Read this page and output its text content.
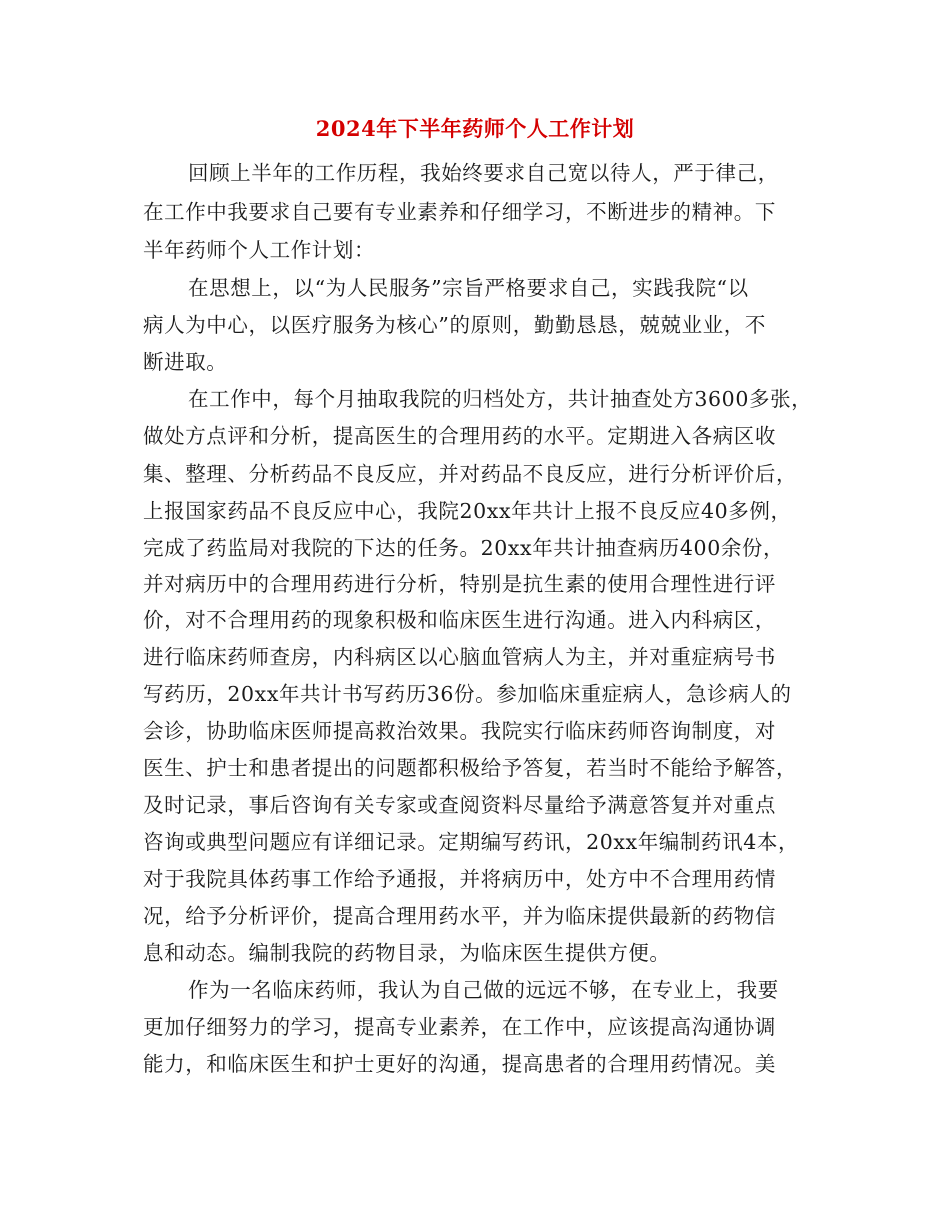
2024年下半年药师个人工作计划
回顾上半年的工作历程，我始终要求自己宽以待人，严于律己，
在工作中我要求自己要有专业素养和仔细学习，不断进步的精神。下
半年药师个人工作计划：
在思想上，以“为人民服务”宗旨严格要求自己，实践我院“以
病人为中心，以医疗服务为核心”的原则，勤勤恳恳，兢兢业业，不
断进取。
在工作中，每个月抽取我院的归档处方，共计抽查处方3600多张，
做处方点评和分析，提高医生的合理用药的水平。定期进入各病区收
集、整理、分析药品不良反应，并对药品不良反应，进行分析评价后，
上报国家药品不良反应中心，我院20xx年共计上报不良反应40多例，
完成了药监局对我院的下达的任务。20xx年共计抽查病历400余份，
并对病历中的合理用药进行分析，特别是抗生素的使用合理性进行评
价，对不合理用药的现象积极和临床医生进行沟通。进入内科病区，
进行临床药师查房，内科病区以心脑血管病人为主，并对重症病号书
写药历，20xx年共计书写药历36份。参加临床重症病人，急诊病人的
会诊，协助临床医师提高救治效果。我院实行临床药师咨询制度，对
医生、护士和患者提出的问题都积极给予答复，若当时不能给予解答，
及时记录，事后咨询有关专家或查阅资料尽量给予满意答复并对重点
咨询或典型问题应有详细记录。定期编写药讯，20xx年编制药讯4本，
对于我院具体药事工作给予通报，并将病历中，处方中不合理用药情
况，给予分析评价，提高合理用药水平，并为临床提供最新的药物信
息和动态。编制我院的药物目录，为临床医生提供方便。
作为一名临床药师，我认为自己做的远远不够，在专业上，我要
更加仔细努力的学习，提高专业素养，在工作中，应该提高沟通协调
能力，和临床医生和护士更好的沟通，提高患者的合理用药情况。美
